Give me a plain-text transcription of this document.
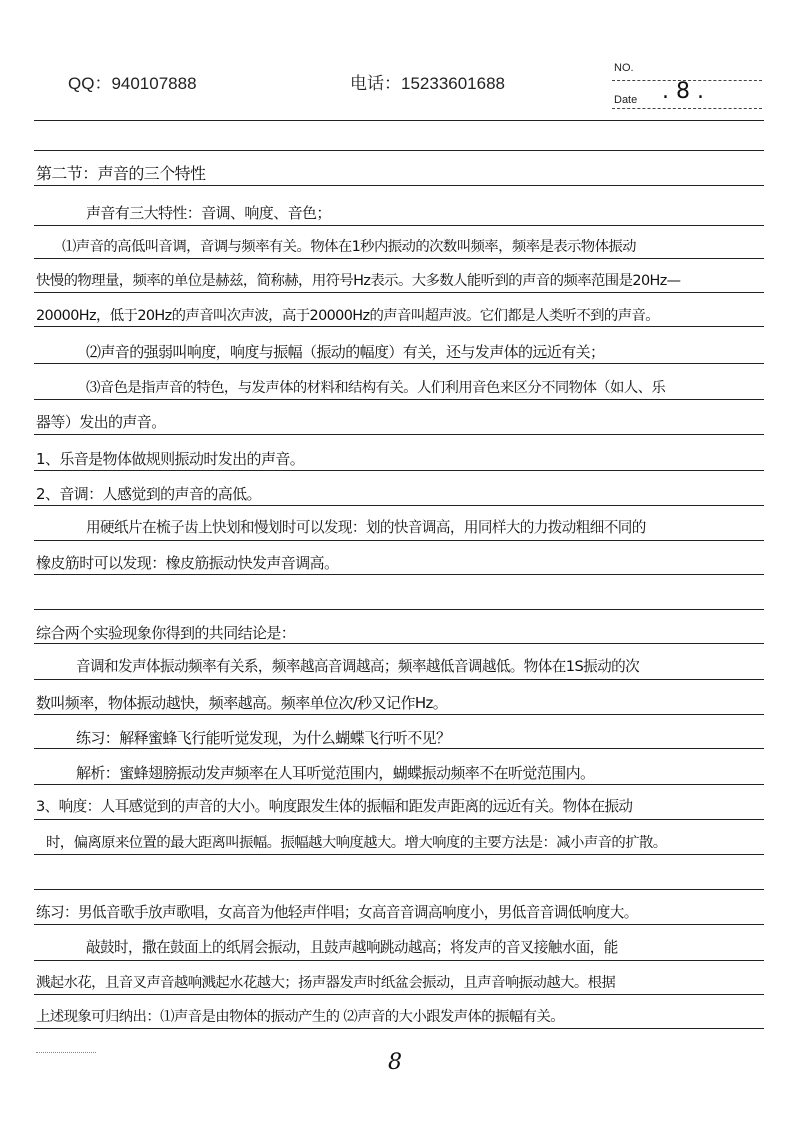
QQ：940107888	电话：15233601688
NO.
Date . 8 .
第二节：声音的三个特性
声音有三大特性：音调、响度、音色；
⑴声音的高低叫音调，音调与频率有关。物体在1秒内振动的次数叫频率，频率是表示物体振动
快慢的物理量，频率的单位是赫兹，简称赫，用符号Hz表示。大多数人能听到的声音的频率范围是20Hz—
20000Hz，低于20Hz的声音叫次声波，高于20000Hz的声音叫超声波。它们都是人类听不到的声音。
⑵声音的强弱叫响度，响度与振幅（振动的幅度）有关，还与发声体的远近有关；
⑶音色是指声音的特色，与发声体的材料和结构有关。人们利用音色来区分不同物体（如人、乐
器等）发出的声音。
1、乐音是物体做规则振动时发出的声音。
2、音调：人感觉到的声音的高低。
用硬纸片在梳子齿上快划和慢划时可以发现：划的快音调高，用同样大的力拨动粗细不同的
橡皮筋时可以发现：橡皮筋振动快发声音调高。
综合两个实验现象你得到的共同结论是：
音调和发声体振动频率有关系，频率越高音调越高；频率越低音调越低。物体在1S振动的次
数叫频率，物体振动越快，频率越高。频率单位次/秒又记作Hz。
练习：解释蜜蜂飞行能听觉发现，为什么蝴蝶飞行听不见？
解析：蜜蜂翅膀振动发声频率在人耳听觉范围内，蝴蝶振动频率不在听觉范围内。
3、响度：人耳感觉到的声音的大小。响度跟发生体的振幅和距发声距离的远近有关。物体在振动
时，偏离原来位置的最大距离叫振幅。振幅越大响度越大。增大响度的主要方法是：减小声音的扩散。
练习：男低音歌手放声歌唱，女高音为他轻声伴唱；女高音音调高响度小，男低音音调低响度大。
敲鼓时，撒在鼓面上的纸屑会振动，且鼓声越响跳动越高；将发声的音叉接触水面，能
溅起水花，且音叉声音越响溅起水花越大；扬声器发声时纸盆会振动，且声音响振动越大。根据
上述现象可归纳出：⑴声音是由物体的振动产生的 ⑵声音的大小跟发声体的振幅有关。
8
